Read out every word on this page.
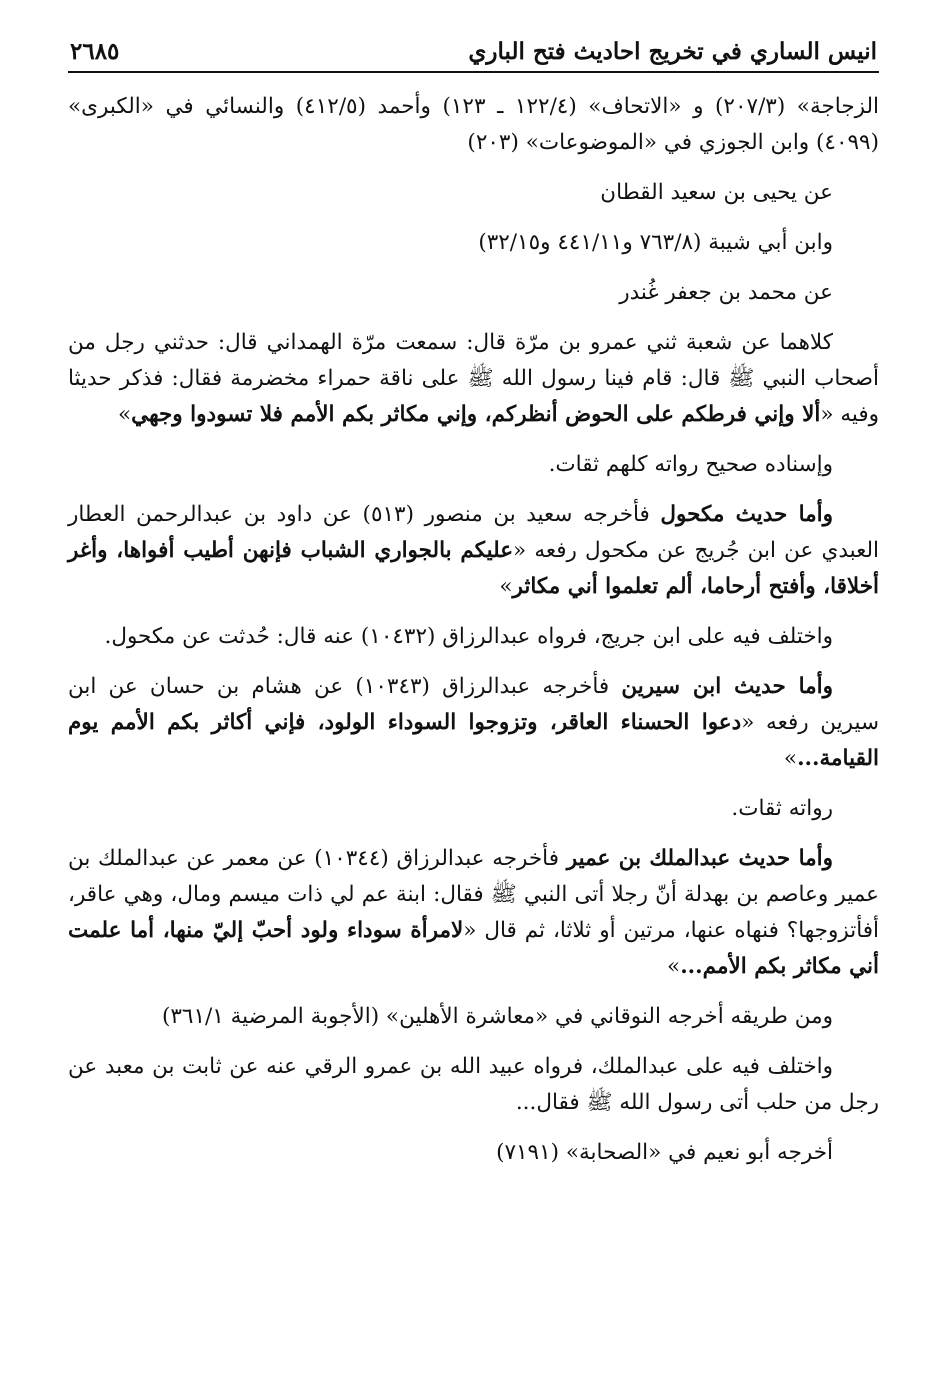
انيس الساري في تخريج احاديث فتح الباري
٢٦٨٥

الزجاجة» (٢٠٧/٣) و «الاتحاف» (١٢٢/٤ ـ ١٢٣) وأحمد (٤١٢/٥) والنسائي في «الكبرى» (٤٠٩٩) وابن الجوزي في «الموضوعات» (٢٠٣)

عن يحيى بن سعيد القطان

وابن أبي شيبة (٧٦٣/٨ و٤٤١/١١ و٣٢/١٥)

عن محمد بن جعفر غُندر

كلاهما عن شعبة ثني عمرو بن مرّة قال: سمعت مرّة الهمداني قال: حدثني رجل من أصحاب النبي ﷺ قال: قام فينا رسول الله ﷺ على ناقة حمراء مخضرمة فقال: فذكر حديثا وفيه «ألا وإني فرطكم على الحوض أنظركم، وإني مكاثر بكم الأمم فلا تسودوا وجهي»

وإسناده صحيح رواته كلهم ثقات.

وأما حديث مكحول فأخرجه سعيد بن منصور (٥١٣) عن داود بن عبدالرحمن العطار العبدي عن ابن جُريج عن مكحول رفعه «عليكم بالجواري الشباب فإنهن أطيب أفواها، وأغر أخلاقا، وأفتح أرحاما، ألم تعلموا أني مكاثر»

واختلف فيه على ابن جريج، فرواه عبدالرزاق (١٠٤٣٢) عنه قال: حُدثت عن مكحول.

وأما حديث ابن سيرين فأخرجه عبدالرزاق (١٠٣٤٣) عن هشام بن حسان عن ابن سيرين رفعه «دعوا الحسناء العاقر، وتزوجوا السوداء الولود، فإني أكاثر بكم الأمم يوم القيامة...»

رواته ثقات.

وأما حديث عبدالملك بن عمير فأخرجه عبدالرزاق (١٠٣٤٤) عن معمر عن عبدالملك بن عمير وعاصم بن بهدلة أنّ رجلا أتى النبي ﷺ فقال: ابنة عم لي ذات ميسم ومال، وهي عاقر، أفأتزوجها؟ فنهاه عنها، مرتين أو ثلاثا، ثم قال «لامرأة سوداء ولود أحبّ إليّ منها، أما علمت أني مكاثر بكم الأمم...»

ومن طريقه أخرجه النوقاني في «معاشرة الأهلين» (الأجوبة المرضية ٣٦١/١)

واختلف فيه على عبدالملك، فرواه عبيد الله بن عمرو الرقي عنه عن ثابت بن معبد عن رجل من حلب أتى رسول الله ﷺ فقال...

أخرجه أبو نعيم في «الصحابة» (٧١٩١)
